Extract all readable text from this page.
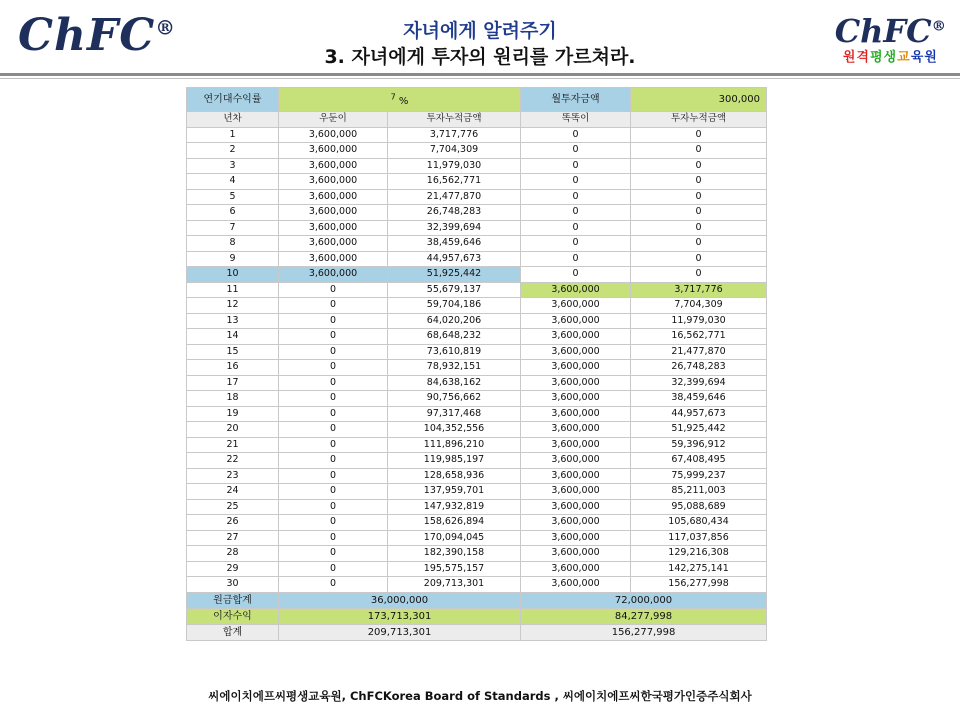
ChFC®	ChFC®
원격평생교육원
자녀에게 알려주기
3. 자녀에게 투자의 원리를 가르쳐라.
연기대수익률	$^7$ %		월투자금액	300,000
년차	우둔이	투자누적금액	똑똑이	투자누적금액
1	3,600,000	3,717,776	0	0
2	3,600,000	7,704,309	0	0
3	3,600,000	11,979,030	0	0
4	3,600,000	16,562,771	0	0
5	3,600,000	21,477,870	0	0
6	3,600,000	26,748,283	0	0
7	3,600,000	32,399,694	0	0
8	3,600,000	38,459,646	0	0
9	3,600,000	44,957,673	0	0
10	3,600,000	51,925,442	0	0
11	0	55,679,137	3,600,000	3,717,776
12	0	59,704,186	3,600,000	7,704,309
13	0	64,020,206	3,600,000	11,979,030
14	0	68,648,232	3,600,000	16,562,771
15	0	73,610,819	3,600,000	21,477,870
16	0	78,932,151	3,600,000	26,748,283
17	0	84,638,162	3,600,000	32,399,694
18	0	90,756,662	3,600,000	38,459,646
19	0	97,317,468	3,600,000	44,957,673
20	0	104,352,556	3,600,000	51,925,442
21	0	111,896,210	3,600,000	59,396,912
22	0	119,985,197	3,600,000	67,408,495
23	0	128,658,936	3,600,000	75,999,237
24	0	137,959,701	3,600,000	85,211,003
25	0	147,932,819	3,600,000	95,088,689
26	0	158,626,894	3,600,000	105,680,434
27	0	170,094,045	3,600,000	117,037,856
28	0	182,390,158	3,600,000	129,216,308
29	0	195,575,157	3,600,000	142,275,141
30	0	209,713,301	3,600,000	156,277,998
원금합계	36,000,000		72,000,000	
이자수익	173,713,301		84,277,998	
합계	209,713,301		156,277,998	
씨에이치에프씨평생교육원, ChFCKorea Board of Standards , 씨에이치에프씨한국평가인증주식회사
